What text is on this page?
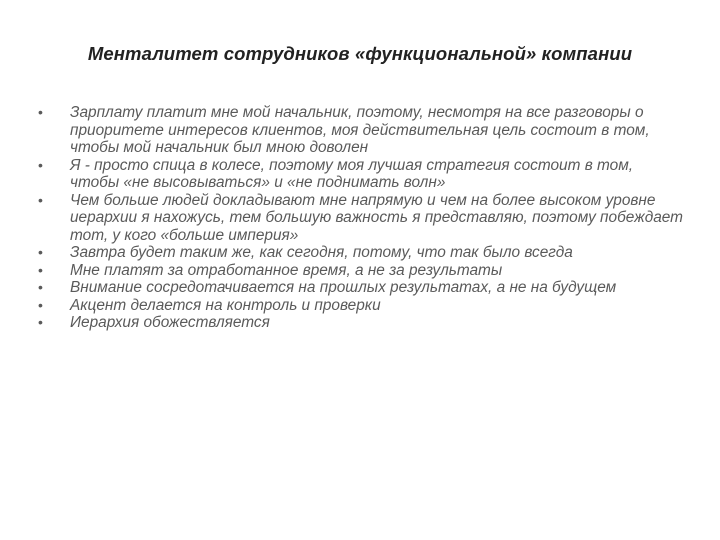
Менталитет сотрудников «функциональной» компании
• Зарплату платит мне мой начальник, поэтому, несмотря на все разговоры о приоритете интересов клиентов, моя действительная цель состоит в том, чтобы мой начальник был мною доволен
• Я - просто спица в колесе, поэтому моя лучшая стратегия состоит в том, чтобы «не высовываться» и «не поднимать волн»
• Чем больше людей докладывают мне напрямую и чем на более высоком уровне иерархии я нахожусь, тем большую важность я представляю, поэтому побеждает тот, у кого «больше империя»
• Завтра будет таким же, как сегодня, потому, что так было всегда
• Мне платят за отработанное время, а не за результаты
• Внимание сосредотачивается на прошлых результатах, а не на будущем
• Акцент делается на контроль и проверки
• Иерархия обожествляется
